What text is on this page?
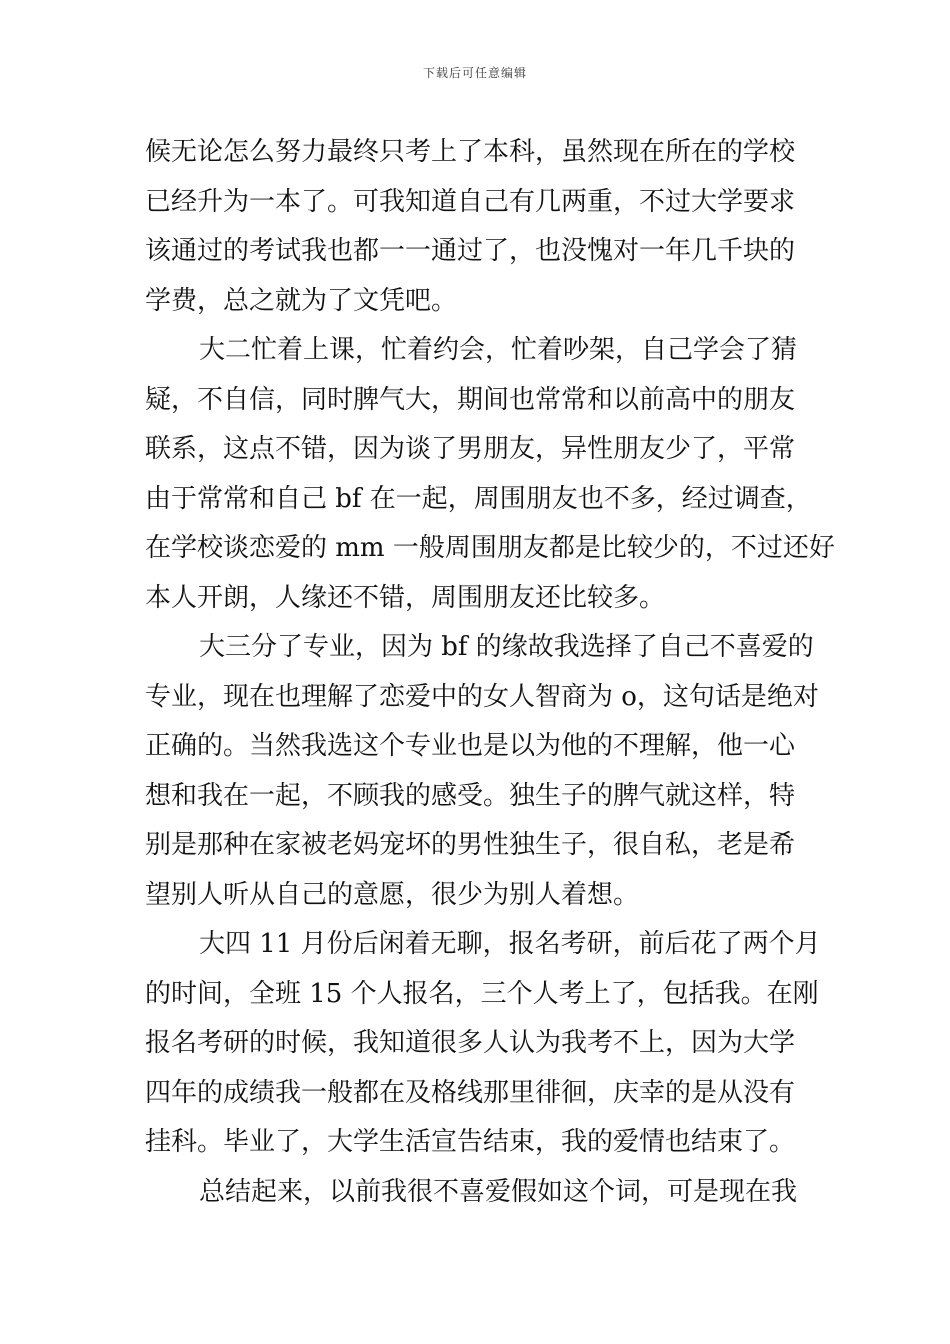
下载后可任意编辑
候无论怎么努力最终只考上了本科，虽然现在所在的学校
已经升为一本了。可我知道自己有几两重，不过大学要求
该通过的考试我也都一一通过了，也没愧对一年几千块的
学费，总之就为了文凭吧。
大二忙着上课，忙着约会，忙着吵架，自己学会了猜
疑，不自信，同时脾气大，期间也常常和以前高中的朋友
联系，这点不错，因为谈了男朋友，异性朋友少了，平常
由于常常和自己 bf 在一起，周围朋友也不多，经过调查，
在学校谈恋爱的 mm 一般周围朋友都是比较少的，不过还好
本人开朗，人缘还不错，周围朋友还比较多。
大三分了专业，因为 bf 的缘故我选择了自己不喜爱的
专业，现在也理解了恋爱中的女人智商为 o，这句话是绝对
正确的。当然我选这个专业也是以为他的不理解，他一心
想和我在一起，不顾我的感受。独生子的脾气就这样，特
别是那种在家被老妈宠坏的男性独生子，很自私，老是希
望别人听从自己的意愿，很少为别人着想。
大四 11 月份后闲着无聊，报名考研，前后花了两个月
的时间，全班 15 个人报名，三个人考上了，包括我。在刚
报名考研的时候，我知道很多人认为我考不上，因为大学
四年的成绩我一般都在及格线那里徘徊，庆幸的是从没有
挂科。毕业了，大学生活宣告结束，我的爱情也结束了。
总结起来，以前我很不喜爱假如这个词，可是现在我
